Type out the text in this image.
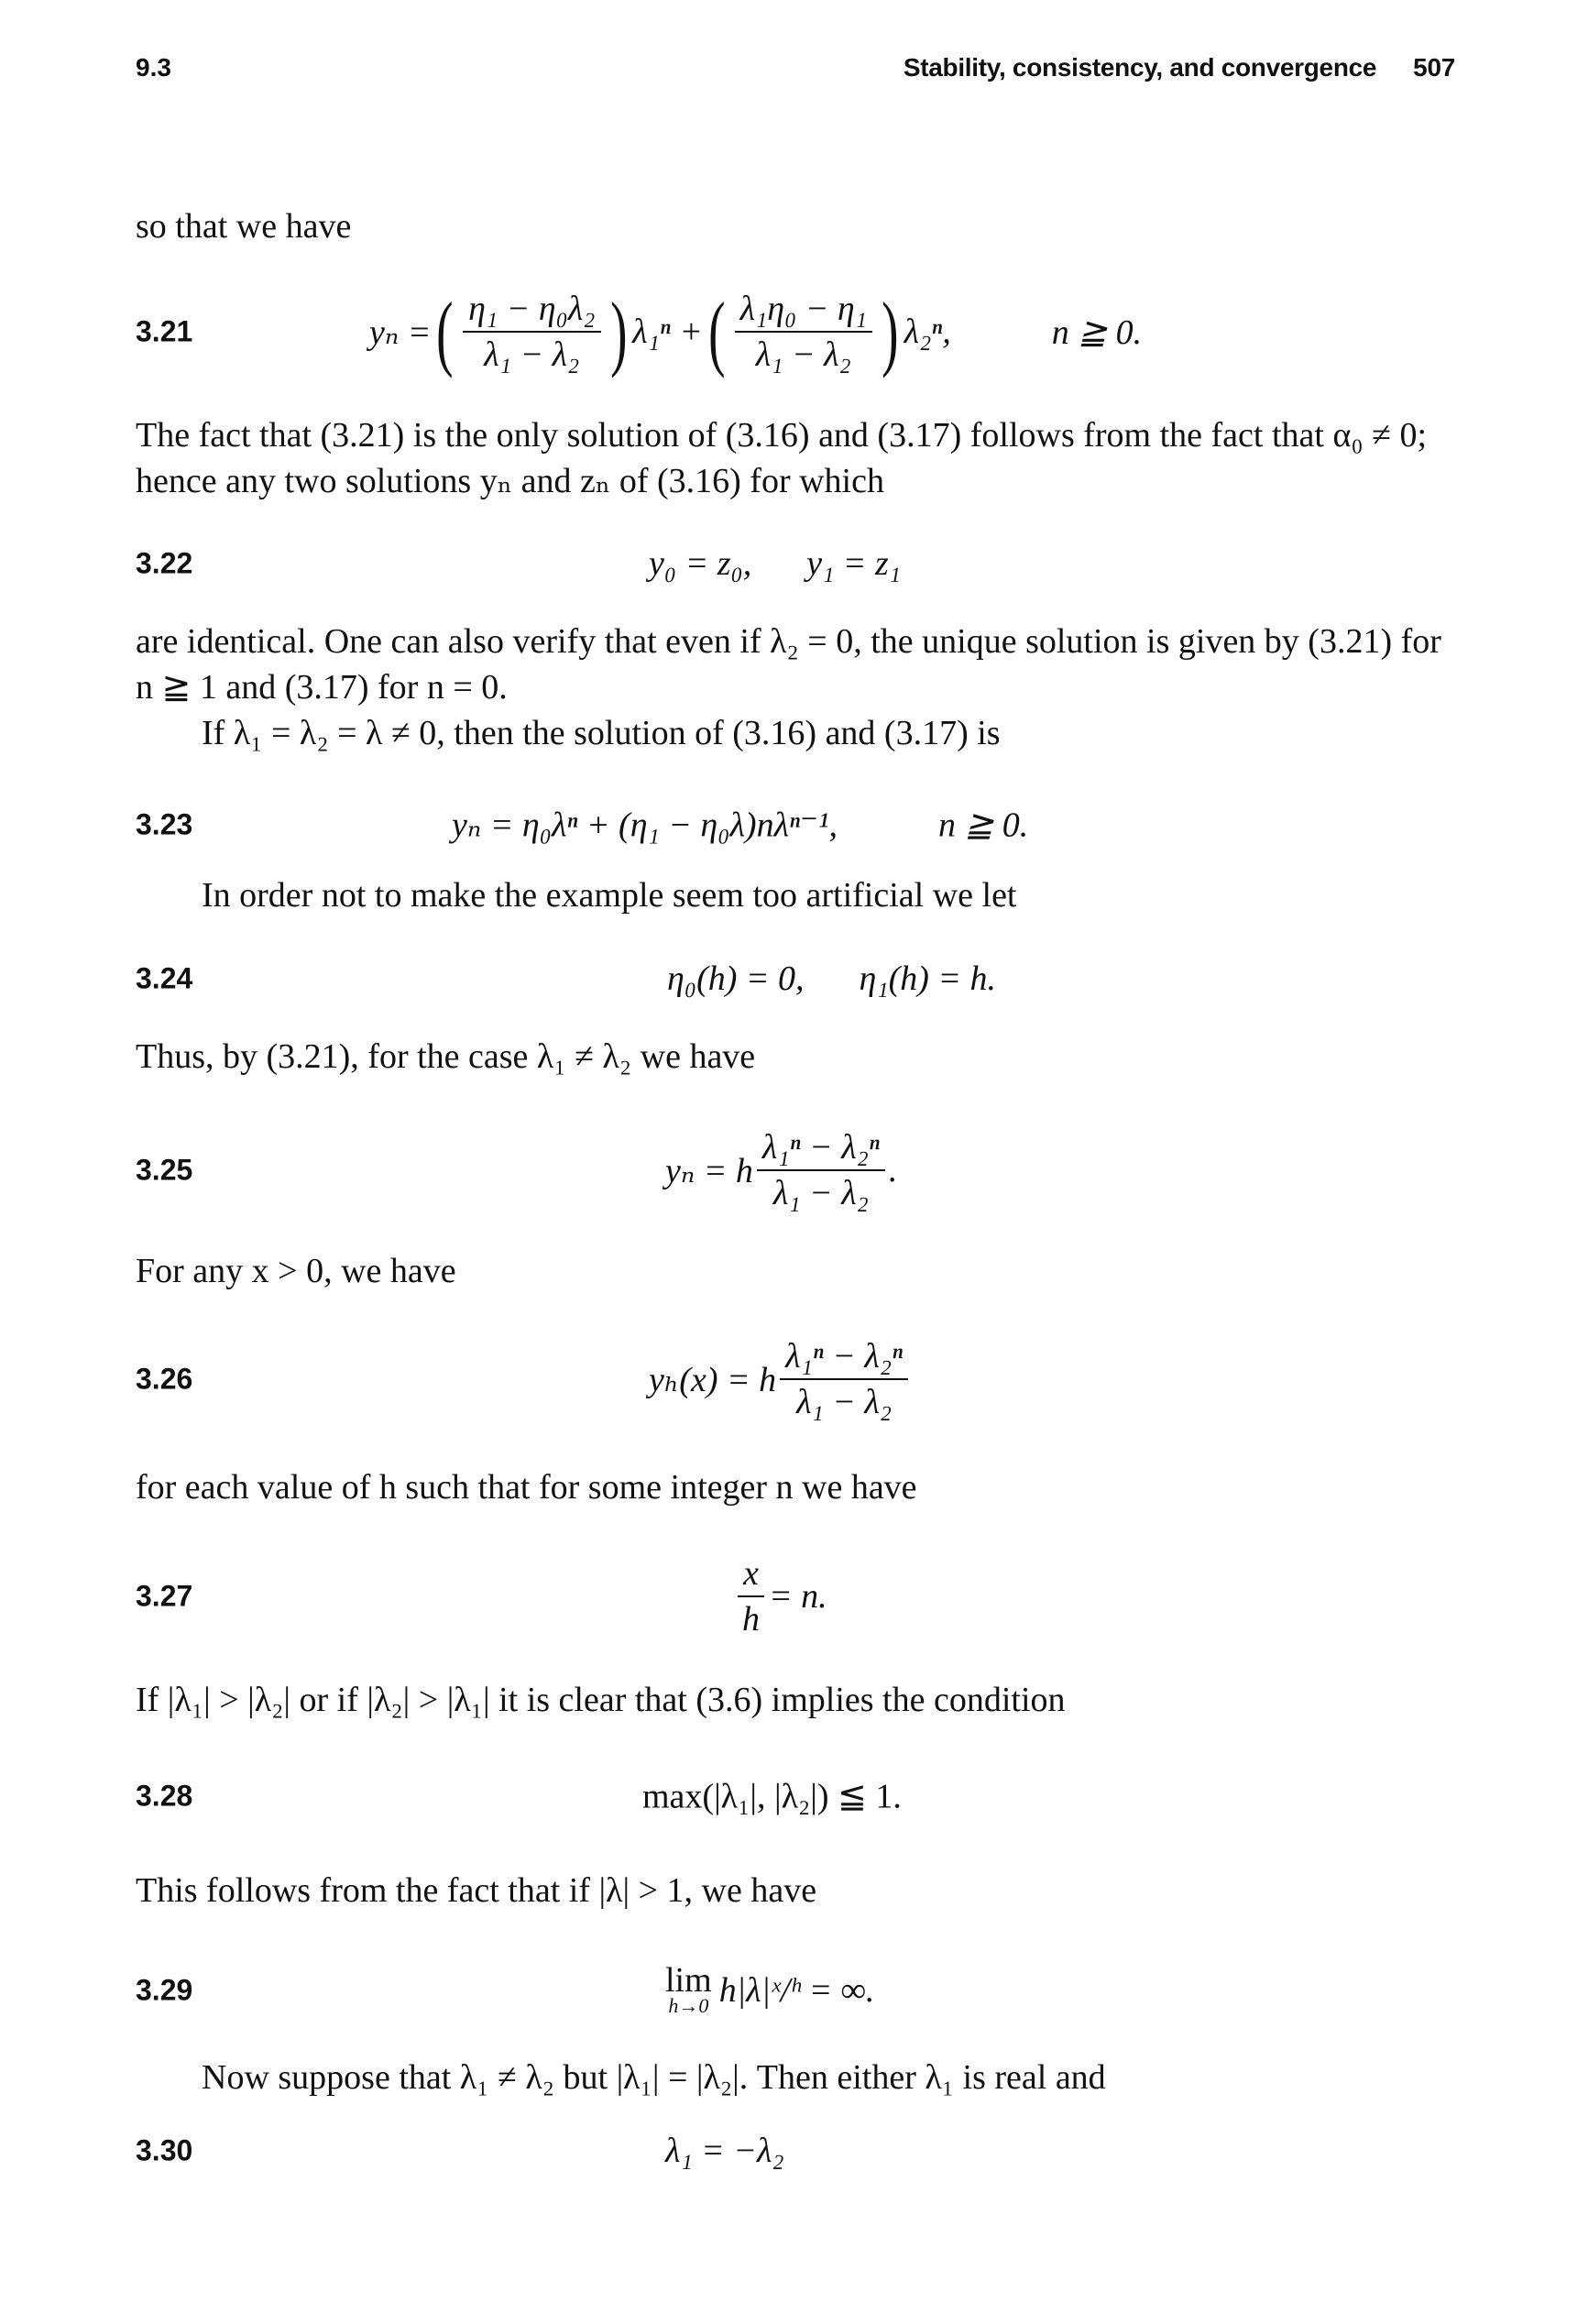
9.3	Stability, consistency, and convergence 507
so that we have
3.21	yₙ = ( $\frac{\text{η₁ − η₀λ₂}}{\text{λ₁ − λ₂}}$ ) λ₁ⁿ + ( $\frac{\text{λ₁η₀ − η₁}}{\text{λ₁ − λ₂}}$ ) λ₂ⁿ,	n ≧ 0.
The fact that (3.21) is the only solution of (3.16) and (3.17) follows from the fact that α₀ ≠ 0; hence any two solutions yₙ and zₙ of (3.16) for which
3.22	y₀ = z₀, y₁ = z₁
are identical. One can also verify that even if λ₂ = 0, the unique solution is given by (3.21) for n ≧ 1 and (3.17) for n = 0.
If λ₁ = λ₂ = λ ≠ 0, then the solution of (3.16) and (3.17) is
3.23	yₙ = η₀λⁿ + (η₁ − η₀λ)nλⁿ⁻¹,	n ≧ 0.
In order not to make the example seem too artificial we let
3.24	η₀(h) = 0, η₁(h) = h.
Thus, by (3.21), for the case λ₁ ≠ λ₂ we have
3.25	yₙ = h $\frac{\text{λ₁ⁿ − λ₂ⁿ}}{\text{λ₁ − λ₂}}$ .
For any x > 0, we have
3.26	yₕ(x) = h $\frac{\text{λ₁ⁿ − λ₂ⁿ}}{\text{λ₁ − λ₂}}$
for each value of h such that for some integer n we have
3.27	$\frac{x}{h} = n$.
If |λ₁| > |λ₂| or if |λ₂| > |λ₁| it is clear that (3.6) implies the condition
3.28	max(|λ₁|, |λ₂|) ≦ 1.
This follows from the fact that if |λ| > 1, we have
3.29	lim
h→0 h|λ|ˣ/ʰ = ∞.
Now suppose that λ₁ ≠ λ₂ but |λ₁| = |λ₂|. Then either λ₁ is real and
3.30	λ₁ = −λ₂
